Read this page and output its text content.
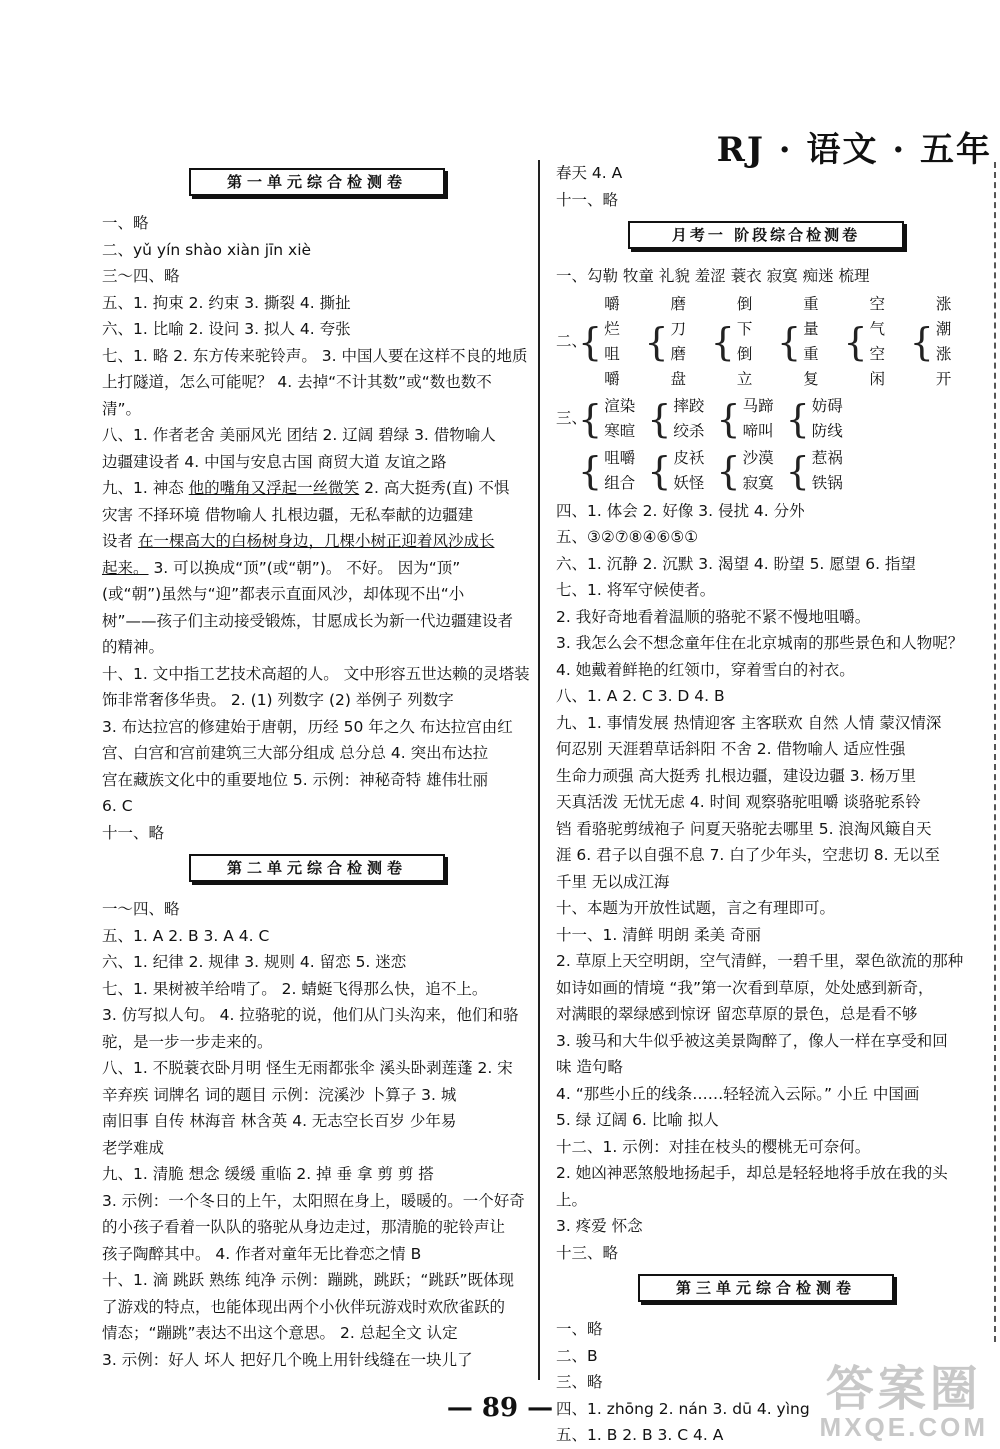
RJ · 语文 · 五年
第一单元综合检测卷
一、略
二、yǔ yín shào xiàn jīn xiè
三～四、略
五、1. 拘束 2. 约束 3. 撕裂 4. 撕扯
六、1. 比喻 2. 设问 3. 拟人 4. 夸张
七、1. 略 2. 东方传来驼铃声。 3. 中国人要在这样不良的地质
上打隧道，怎么可能呢？ 4. 去掉“不计其数”或“数也数不
清”。
八、1. 作者老舍 美丽风光 团结 2. 辽阔 碧绿 3. 借物喻人
边疆建设者 4. 中国与安息古国 商贸大道 友谊之路
九、1. 神态 他的嘴角又浮起一丝微笑 2. 高大挺秀(直) 不惧
灾害 不择环境 借物喻人 扎根边疆，无私奉献的边疆建
设者 在一棵高大的白杨树身边，几棵小树正迎着风沙成长
起来。 3. 可以换成“顶”(或“朝”)。 不好。 因为“顶”
(或“朝”)虽然与“迎”都表示直面风沙，却体现不出“小
树”——孩子们主动接受锻炼，甘愿成长为新一代边疆建设者
的精神。
十、1. 文中指工艺技术高超的人。 文中形容五世达赖的灵塔装
饰非常奢侈华贵。 2. (1) 列数字 (2) 举例子 列数字
3. 布达拉宫的修建始于唐朝，历经 50 年之久 布达拉宫由红
宫、白宫和宫前建筑三大部分组成 总分总 4. 突出布达拉
宫在藏族文化中的重要地位 5. 示例：神秘奇特 雄伟壮丽
6. C
十一、略
第二单元综合检测卷
一～四、略
五、1. A 2. B 3. A 4. C
六、1. 纪律 2. 规律 3. 规则 4. 留恋 5. 迷恋
七、1. 果树被羊给啃了。 2. 蜻蜓飞得那么快，追不上。
3. 仿写拟人句。 4. 拉骆驼的说，他们从门头沟来，他们和骆
驼，是一步一步走来的。
八、1. 不脱蓑衣卧月明 怪生无雨都张伞 溪头卧剥莲蓬 2. 宋
辛弃疾 词牌名 词的题目 示例：浣溪沙 卜算子 3. 城
南旧事 自传 林海音 林含英 4. 无志空长百岁 少年易
老学难成
九、1. 清脆 想念 缓缓 重临 2. 掉 垂 拿 剪 剪 搭
3. 示例：一个冬日的上午，太阳照在身上，暖暖的。一个好奇
的小孩子看着一队队的骆驼从身边走过，那清脆的驼铃声让
孩子陶醉其中。 4. 作者对童年无比眷恋之情 B
十、1. 滴 跳跃 熟练 纯净 示例：蹦跳，跳跃；“跳跃”既体现
了游戏的特点，也能体现出两个小伙伴玩游戏时欢欣雀跃的
情态；“蹦跳”表达不出这个意思。 2. 总起全文 认定
3. 示例：好人 坏人 把好几个晚上用针线缝在一块儿了
春天 4. A
十一、略
月考一 阶段综合检测卷
一、勾勒 牧童 礼貌 羞涩 蓑衣 寂寞 痴迷 梳理
二、
{
嚼烂
咀嚼
{
磨刀
磨盘
{
倒下
倒立
{
重量
重复
{
空气
空闲
{
涨潮
涨开
三、
{ 渲染
寒暄 { 摔跤
绞杀 { 马蹄
啼叫 { 妨碍
防线
{ 咀嚼
组合 { 皮袄
妖怪 { 沙漠
寂寞 { 惹祸
铁锅
四、1. 体会 2. 好像 3. 侵扰 4. 分外
五、③②⑦⑧④⑥⑤①
六、1. 沉静 2. 沉默 3. 渴望 4. 盼望 5. 愿望 6. 指望
七、1. 将军守候使者。
2. 我好奇地看着温顺的骆驼不紧不慢地咀嚼。
3. 我怎么会不想念童年住在北京城南的那些景色和人物呢？
4. 她戴着鲜艳的红领巾，穿着雪白的衬衣。
八、1. A 2. C 3. D 4. B
九、1. 事情发展 热情迎客 主客联欢 自然 人情 蒙汉情深
何忍别 天涯碧草话斜阳 不舍 2. 借物喻人 适应性强
生命力顽强 高大挺秀 扎根边疆，建设边疆 3. 杨万里
天真活泼 无忧无虑 4. 时间 观察骆驼咀嚼 谈骆驼系铃
铛 看骆驼剪绒袍子 问夏天骆驼去哪里 5. 浪淘风簸自天
涯 6. 君子以自强不息 7. 白了少年头，空悲切 8. 无以至
千里 无以成江海
十、本题为开放性试题，言之有理即可。
十一、1. 清鲜 明朗 柔美 奇丽
2. 草原上天空明朗，空气清鲜，一碧千里，翠色欲流的那种
如诗如画的情境 “我”第一次看到草原，处处感到新奇，
对满眼的翠绿感到惊讶 留恋草原的景色，总是看不够
3. 骏马和大牛似乎被这美景陶醉了，像人一样在享受和回
味 造句略
4. “那些小丘的线条……轻轻流入云际。” 小丘 中国画
5. 绿 辽阔 6. 比喻 拟人
十二、1. 示例：对挂在枝头的樱桃无可奈何。
2. 她凶神恶煞般地扬起手，却总是轻轻地将手放在我的头
上。
3. 疼爱 怀念
十三、略
第三单元综合检测卷
一、略
二、B
三、略
四、1. zhōng 2. nán 3. dū 4. yìng
五、1. B 2. B 3. C 4. A
— 89 —	答案圈
MXQE.COM
